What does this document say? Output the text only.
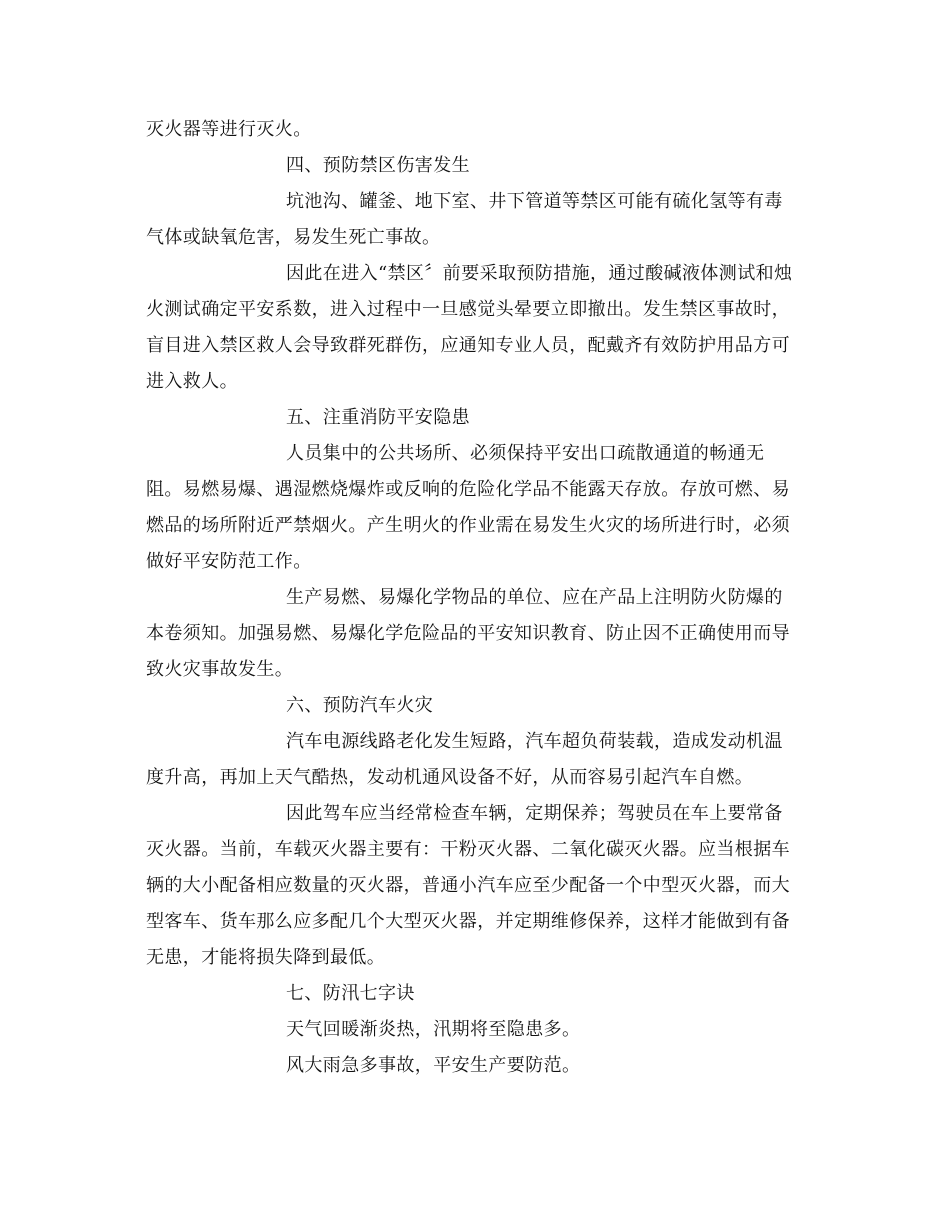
灭火器等进行灭火。
四、预防禁区伤害发生
坑池沟、罐釜、地下室、井下管道等禁区可能有硫化氢等有毒
气体或缺氧危害，易发生死亡事故。
因此在进入“禁区〞前要采取预防措施，通过酸碱液体测试和烛
火测试确定平安系数，进入过程中一旦感觉头晕要立即撤出。发生禁区事故时，
盲目进入禁区救人会导致群死群伤，应通知专业人员，配戴齐有效防护用品方可
进入救人。
五、注重消防平安隐患
人员集中的公共场所、必须保持平安出口疏散通道的畅通无
阻。易燃易爆、遇湿燃烧爆炸或反响的危险化学品不能露天存放。存放可燃、易
燃品的场所附近严禁烟火。产生明火的作业需在易发生火灾的场所进行时，必须
做好平安防范工作。
生产易燃、易爆化学物品的单位、应在产品上注明防火防爆的
本卷须知。加强易燃、易爆化学危险品的平安知识教育、防止因不正确使用而导
致火灾事故发生。
六、预防汽车火灾
汽车电源线路老化发生短路，汽车超负荷装载，造成发动机温
度升高，再加上天气酷热，发动机通风设备不好，从而容易引起汽车自燃。
因此驾车应当经常检查车辆，定期保养；驾驶员在车上要常备
灭火器。当前，车载灭火器主要有：干粉灭火器、二氧化碳灭火器。应当根据车
辆的大小配备相应数量的灭火器，普通小汽车应至少配备一个中型灭火器，而大
型客车、货车那么应多配几个大型灭火器，并定期维修保养，这样才能做到有备
无患，才能将损失降到最低。
七、防汛七字诀
天气回暖渐炎热，汛期将至隐患多。
风大雨急多事故，平安生产要防范。
